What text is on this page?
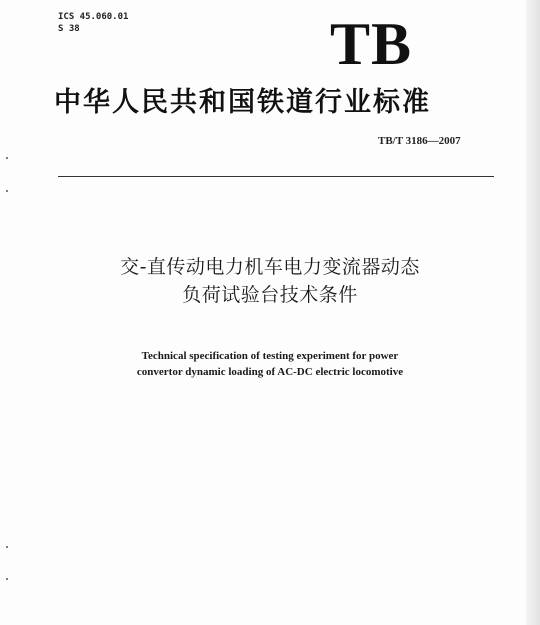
ICS 45.060.01
S 38	TB
中华人民共和国铁道行业标准
TB/T 3186—2007
交-直传动电力机车电力变流器动态
负荷试验台技术条件
Technical specification of testing experiment for power
convertor dynamic loading of AC-DC electric locomotive
